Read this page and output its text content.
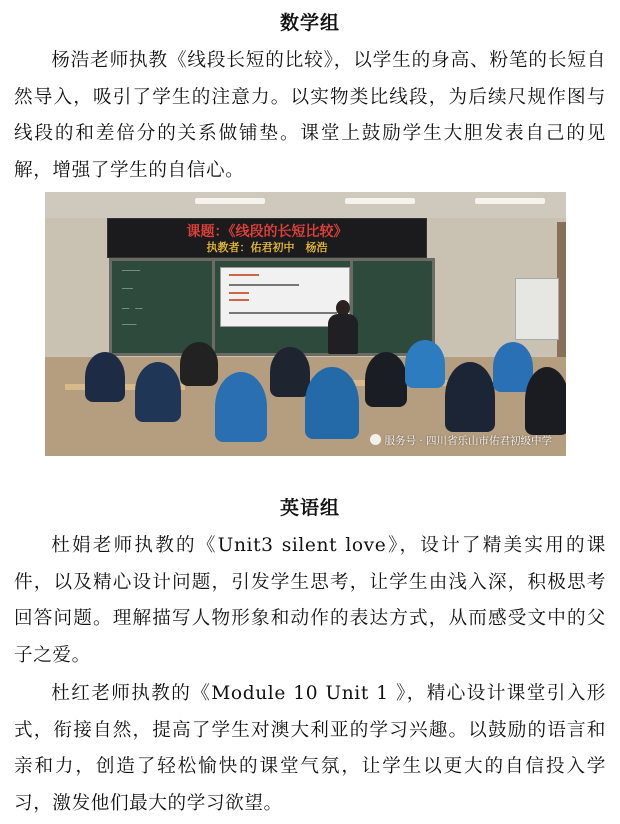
数学组
杨浩老师执教《线段长短的比较》，以学生的身高、粉笔的长短自然导入，吸引了学生的注意力。以实物类比线段，为后续尺规作图与线段的和差倍分的关系做铺垫。课堂上鼓励学生大胆发表自己的见解，增强了学生的自信心。
课题：《线段的长短比较》
执教者：佑君初中　杨浩
—————
———
——　——
————
服务号 · 四川省乐山市佑君初级中学
英语组
杜娟老师执教的《Unit3 silent love》，设计了精美实用的课件，以及精心设计问题，引发学生思考，让学生由浅入深，积极思考回答问题。理解描写人物形象和动作的表达方式，从而感受文中的父子之爱。
杜红老师执教的《Module 10 Unit 1 》，精心设计课堂引入形式，衔接自然，提高了学生对澳大利亚的学习兴趣。以鼓励的语言和亲和力，创造了轻松愉快的课堂气氛，让学生以更大的自信投入学习，激发他们最大的学习欲望。
